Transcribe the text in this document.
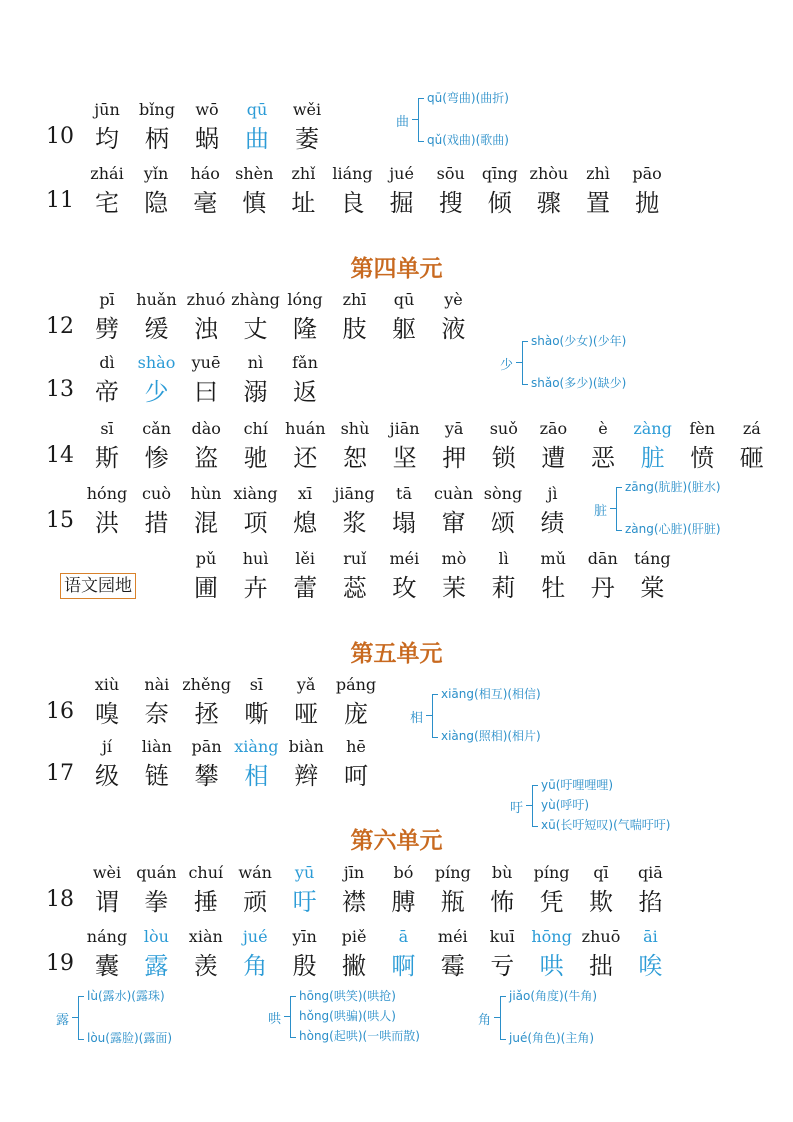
10
jūn
均
bǐng
柄
wō
蜗
qū
曲
wěi
萎
11
zhái
宅
yǐn
隐
háo
毫
shèn
慎
zhǐ
址
liáng
良
jué
掘
sōu
搜
qīng
倾
zhòu
骤
zhì
置
pāo
抛
第四单元
12
pī
劈
huǎn
缓
zhuó
浊
zhàng
丈
lóng
隆
zhī
肢
qū
躯
yè
液
13
dì
帝
shào
少
yuē
曰
nì
溺
fǎn
返
14
sī
斯
cǎn
惨
dào
盗
chí
驰
huán
还
shù
恕
jiān
坚
yā
押
suǒ
锁
zāo
遭
è
恶
zàng
脏
fèn
愤
zá
砸
15
hóng
洪
cuò
措
hùn
混
xiàng
项
xī
熄
jiāng
浆
tā
塌
cuàn
窜
sòng
颂
jì
绩
语文园地
pǔ
圃
huì
卉
lěi
蕾
ruǐ
蕊
méi
玫
mò
茉
lì
莉
mǔ
牡
dān
丹
táng
棠
第五单元
16
xiù
嗅
nài
奈
zhěng
拯
sī
嘶
yǎ
哑
páng
庞
17
jí
级
liàn
链
pān
攀
xiàng
相
biàn
辫
hē
呵
第六单元
18
wèi
谓
quán
拳
chuí
捶
wán
顽
yū
吁
jīn
襟
bó
膊
píng
瓶
bù
怖
píng
凭
qī
欺
qiā
掐
19
náng
囊
lòu
露
xiàn
羡
jué
角
yīn
殷
piě
撇
ā
啊
méi
霉
kuī
亏
hōng
哄
zhuō
拙
āi
唉
曲
qū(弯曲)(曲折)
qǔ(戏曲)(歌曲)
少
shào(少女)(少年)
shǎo(多少)(缺少)
脏
zāng(肮脏)(脏水)
zàng(心脏)(肝脏)
相
xiāng(相互)(相信)
xiàng(照相)(相片)
吁
yū(吁哩哩哩)
yù(呼吁)
xū(长吁短叹)(气喘吁吁)
露
lù(露水)(露珠)
lòu(露脸)(露面)
哄
hōng(哄笑)(哄抢)
hǒng(哄骗)(哄人)
hòng(起哄)(一哄而散)
角
jiǎo(角度)(牛角)
jué(角色)(主角)
